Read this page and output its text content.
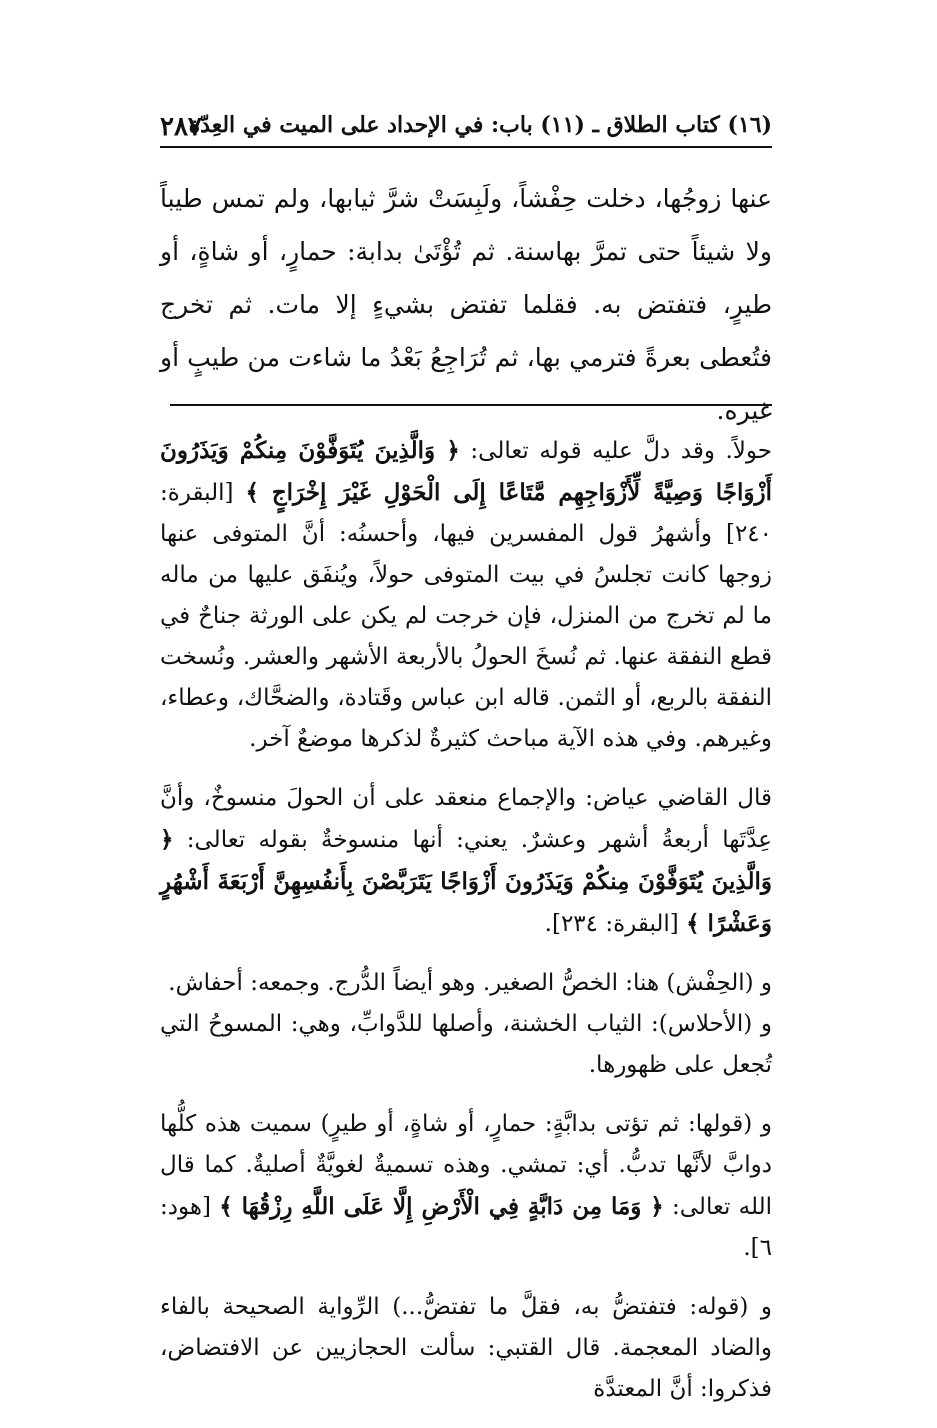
(١٦) كتاب الطلاق ـ (١١) باب: في الإحداد على الميت في العِدّة
٢٨٧
عنها زوجُها، دخلت حِفْشاً، ولَبِسَتْ شرَّ ثيابها، ولم تمس طيباً ولا شيئاً حتى تمرَّ بهاسنة. ثم تُؤْتَىٰ بدابة: حمارٍ، أو شاةٍ، أو طيرٍ، فتفتض به. فقلما تفتض بشيءٍ إلا مات. ثم تخرج فتُعطى بعرةً فترمي بها، ثم تُرَاجِعُ بَعْدُ ما شاءت من طيبٍ أو غيره.
حولاً. وقد دلَّ عليه قوله تعالى: ﴿ وَالَّذِينَ يُتَوَفَّوْنَ مِنكُمْ وَيَذَرُونَ أَزْوَاجًا وَصِيَّةً لِّأَزْوَاجِهِم مَّتَاعًا إِلَى الْحَوْلِ غَيْرَ إِخْرَاجٍ ﴾ [البقرة: ٢٤٠] وأشهرُ قول المفسرين فيها، وأحسنُه: أنَّ المتوفى عنها زوجها كانت تجلسُ في بيت المتوفى حولاً، ويُنفَق عليها من ماله ما لم تخرج من المنزل، فإن خرجت لم يكن على الورثة جناحٌ في قطع النفقة عنها. ثم نُسخَ الحولُ بالأربعة الأشهر والعشر. ونُسخت النفقة بالربع، أو الثمن. قاله ابن عباس وقَتادة، والضحَّاك، وعطاء، وغيرهم. وفي هذه الآية مباحث كثيرةٌ لذكرها موضعٌ آخر.
قال القاضي عياض: والإجماع منعقد على أن الحولَ منسوخٌ، وأنَّ عِدَّتَها أربعةُ أشهر وعشرٌ. يعني: أنها منسوخةٌ بقوله تعالى: ﴿ وَالَّذِينَ يُتَوَفَّوْنَ مِنكُمْ وَيَذَرُونَ أَزْوَاجًا يَتَرَبَّصْنَ بِأَنفُسِهِنَّ أَرْبَعَةَ أَشْهُرٍ وَعَشْرًا ﴾ [البقرة: ٢٣٤].

و (الحِفْش) هنا: الخصُّ الصغير. وهو أيضاً الدُّرج. وجمعه: أحفاش.

و (الأحلاس): الثياب الخشنة، وأصلها للدَّوابِّ، وهي: المسوحُ التي تُجعل على ظهورها.

و (قولها: ثم تؤتى بدابَّةٍ: حمارٍ، أو شاةٍ، أو طيرٍ) سميت هذه كلُّها دوابَّ لأنَّها تدبُّ. أي: تمشي. وهذه تسميةٌ لغويَّةٌ أصليةٌ. كما قال الله تعالى: ﴿ وَمَا مِن دَابَّةٍ فِي الْأَرْضِ إِلَّا عَلَى اللَّهِ رِزْقُهَا ﴾ [هود: ٦].
و (قوله: فتفتضُّ به، فقلَّ ما تفتضُّ...) الرِّواية الصحيحة بالفاء والضاد المعجمة. قال القتبي: سألت الحجازيين عن الافتضاض، فذكروا: أنَّ المعتدَّة
